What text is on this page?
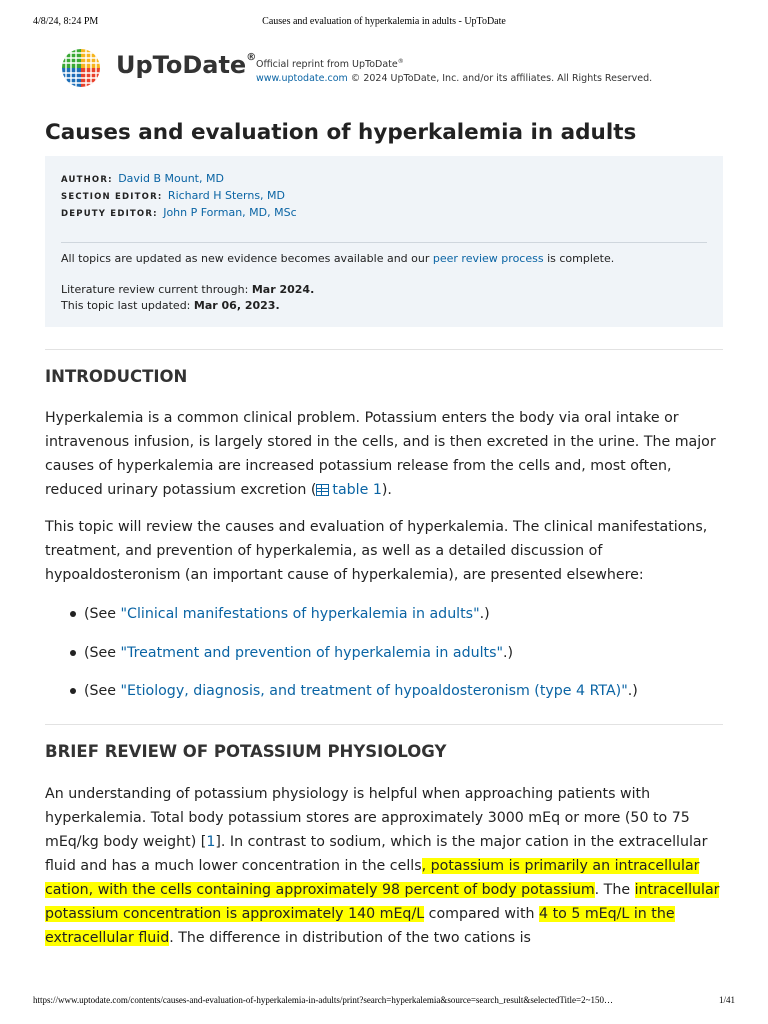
4/8/24, 8:24 PM	Causes and evaluation of hyperkalemia in adults - UpToDate
UpToDate®
Official reprint from UpToDate®
www.uptodate.com © 2024 UpToDate, Inc. and/or its affiliates. All Rights Reserved.
Causes and evaluation of hyperkalemia in adults
AUTHOR: David B Mount, MD
SECTION EDITOR: Richard H Sterns, MD
DEPUTY EDITOR: John P Forman, MD, MSc
All topics are updated as new evidence becomes available and our peer review process is complete.
Literature review current through: Mar 2024.
This topic last updated: Mar 06, 2023.
INTRODUCTION

Hyperkalemia is a common clinical problem. Potassium enters the body via oral intake or intravenous infusion, is largely stored in the cells, and is then excreted in the urine. The major causes of hyperkalemia are increased potassium release from the cells and, most often, reduced urinary potassium excretion ( table 1).

This topic will review the causes and evaluation of hyperkalemia. The clinical manifestations, treatment, and prevention of hyperkalemia, as well as a detailed discussion of hypoaldosteronism (an important cause of hyperkalemia), are presented elsewhere:

(See "Clinical manifestations of hyperkalemia in adults".)
(See "Treatment and prevention of hyperkalemia in adults".)
(See "Etiology, diagnosis, and treatment of hypoaldosteronism (type 4 RTA)".)
BRIEF REVIEW OF POTASSIUM PHYSIOLOGY

An understanding of potassium physiology is helpful when approaching patients with hyperkalemia. Total body potassium stores are approximately 3000 mEq or more (50 to 75 mEq/kg body weight) [1]. In contrast to sodium, which is the major cation in the extracellular fluid and has a much lower concentration in the cells, potassium is primarily an intracellular cation, with the cells containing approximately 98 percent of body potassium. The intracellular potassium concentration is approximately 140 mEq/L compared with 4 to 5 mEq/L in the extracellular fluid. The difference in distribution of the two cations is

https://www.uptodate.com/contents/causes-and-evaluation-of-hyperkalemia-in-adults/print?search=hyperkalemia&source=search_result&selectedTitle=2~150…	1/41
